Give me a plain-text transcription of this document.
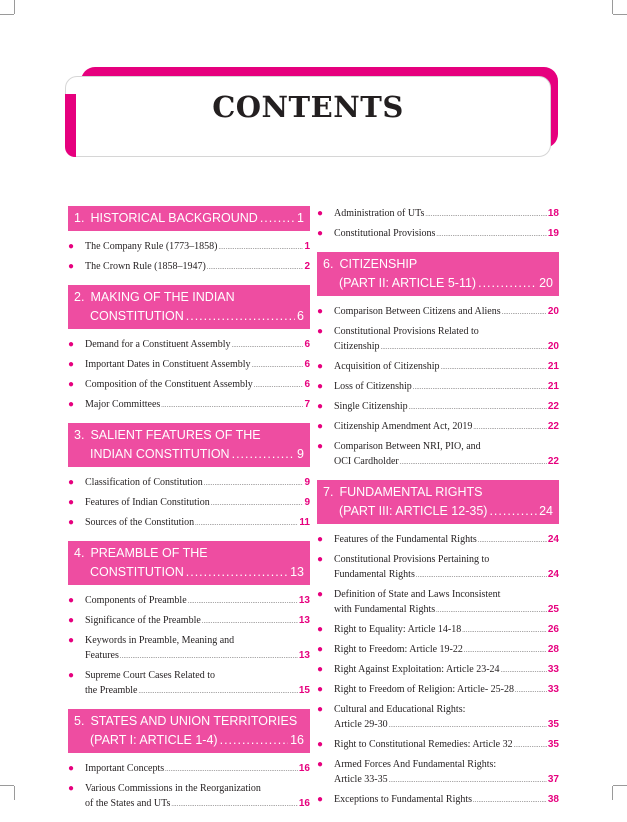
CONTENTS
1. HISTORICAL BACKGROUND .....	1
● The Company Rule (1773–1858) .....	1
● The Crown Rule (1858–1947) .....	2
2. MAKING OF THE INDIAN
CONSTITUTION .....	6
● Demand for a Constituent Assembly .....	6
● Important Dates in Constituent Assembly .....	6
● Composition of the Constituent Assembly .....	6
● Major Committees .....	7
3. SALIENT FEATURES OF THE
INDIAN CONSTITUTION .....	9
● Classification of Constitution .....	9
● Features of Indian Constitution .....	9
● Sources of the Constitution .....	11
4. PREAMBLE OF THE
CONSTITUTION .....	13
● Components of Preamble .....	13
● Significance of the Preamble .....	13
● Keywords in Preamble, Meaning and
Features .....	13
● Supreme Court Cases Related to
the Preamble .....	15
5. STATES AND UNION TERRITORIES
(PART I: ARTICLE 1-4) .....	16
● Important Concepts .....	16
● Various Commissions in the Reorganization
of the States and UTs .....	16
● Administration of UTs .....	18
● Constitutional Provisions .....	19
6. CITIZENSHIP
(PART II: ARTICLE 5-11) .....	20
● Comparison Between Citizens and Aliens .....	20
● Constitutional Provisions Related to
Citizenship .....	20
● Acquisition of Citizenship .....	21
● Loss of Citizenship .....	21
● Single Citizenship .....	22
● Citizenship Amendment Act, 2019 .....	22
● Comparison Between NRI, PIO, and
OCI Cardholder .....	22
7. FUNDAMENTAL RIGHTS
(PART III: ARTICLE 12-35) .....	24
● Features of the Fundamental Rights .....	24
● Constitutional Provisions Pertaining to
Fundamental Rights .....	24
● Definition of State and Laws Inconsistent
with Fundamental Rights .....	25
● Right to Equality: Article 14-18 .....	26
● Right to Freedom: Article 19-22 .....	28
● Right Against Exploitation: Article 23-24 .....	33
● Right to Freedom of Religion: Article- 25-28 .....	33
● Cultural and Educational Rights:
Article 29-30 .....	35
● Right to Constitutional Remedies: Article 32 .....	35
● Armed Forces And Fundamental Rights:
Article 33-35 .....	37
● Exceptions to Fundamental Rights .....	38
